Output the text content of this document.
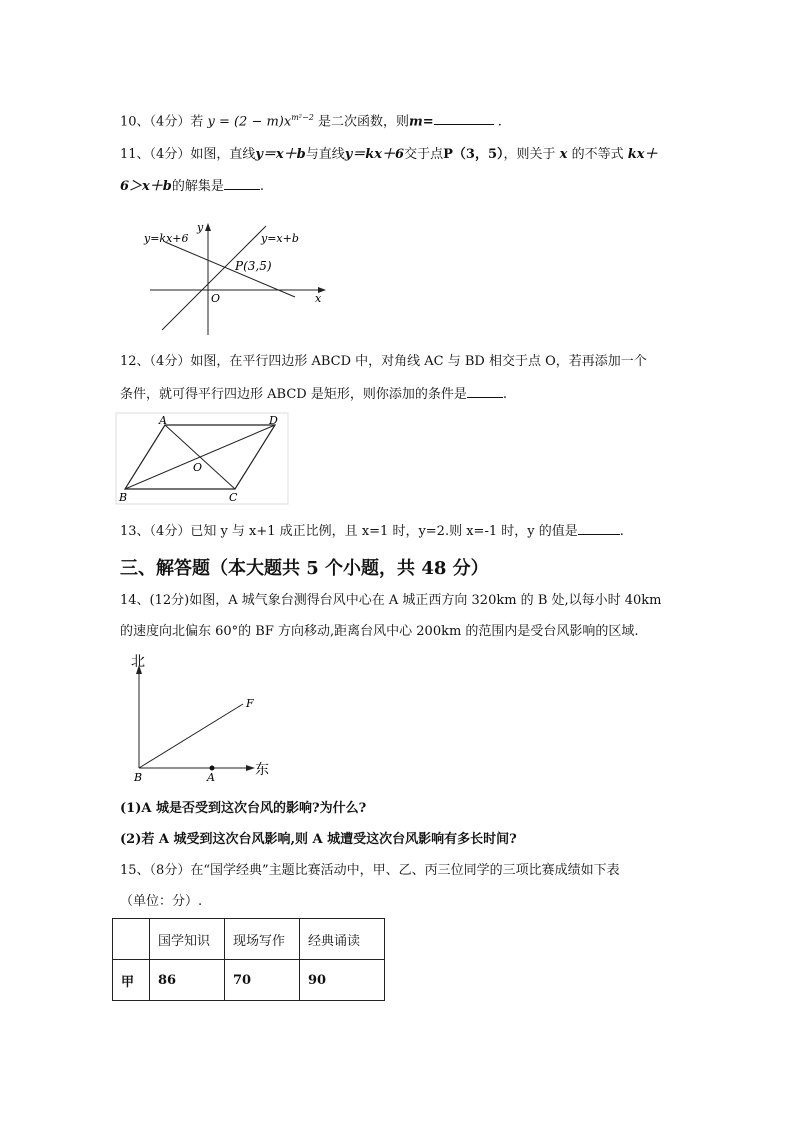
10、（4分）若 $y = (2 - m)x^{m^2-2}$ 是二次函数，则m=	.
11、（4分）如图，直线y＝x＋b与直线y＝kx＋6交于点P（3，5），则关于 x 的不等式 kx＋
6＞x＋b的解集是	.
y=kx+6	y=x+b
y
x
O
P(3,5)
12、（4分）如图，在平行四边形 ABCD 中，对角线 AC 与 BD 相交于点 O，若再添加一个
条件，就可得平行四边形 ABCD 是矩形，则你添加的条件是	.
A	D
B	C
O
13、（4分）已知 y 与 x+1 成正比例，且 x=1 时，y=2.则 x=-1 时，y 的值是	.
三、解答题（本大题共 5 个小题，共 48 分）
14、(12分)如图，A 城气象台测得台风中心在 A 城正西方向 320km 的 B 处,以每小时 40km
的速度向北偏东 60°的 BF 方向移动,距离台风中心 200km 的范围内是受台风影响的区域.
北
东
B	A
F
(1)A 城是否受到这次台风的影响?为什么?
(2)若 A 城受到这次台风影响,则 A 城遭受这次台风影响有多长时间?
15、（8分）在“国学经典”主题比赛活动中，甲、乙、丙三位同学的三项比赛成绩如下表
（单位：分）.
	国学知识	现场写作	经典诵读
甲	86	70	90
